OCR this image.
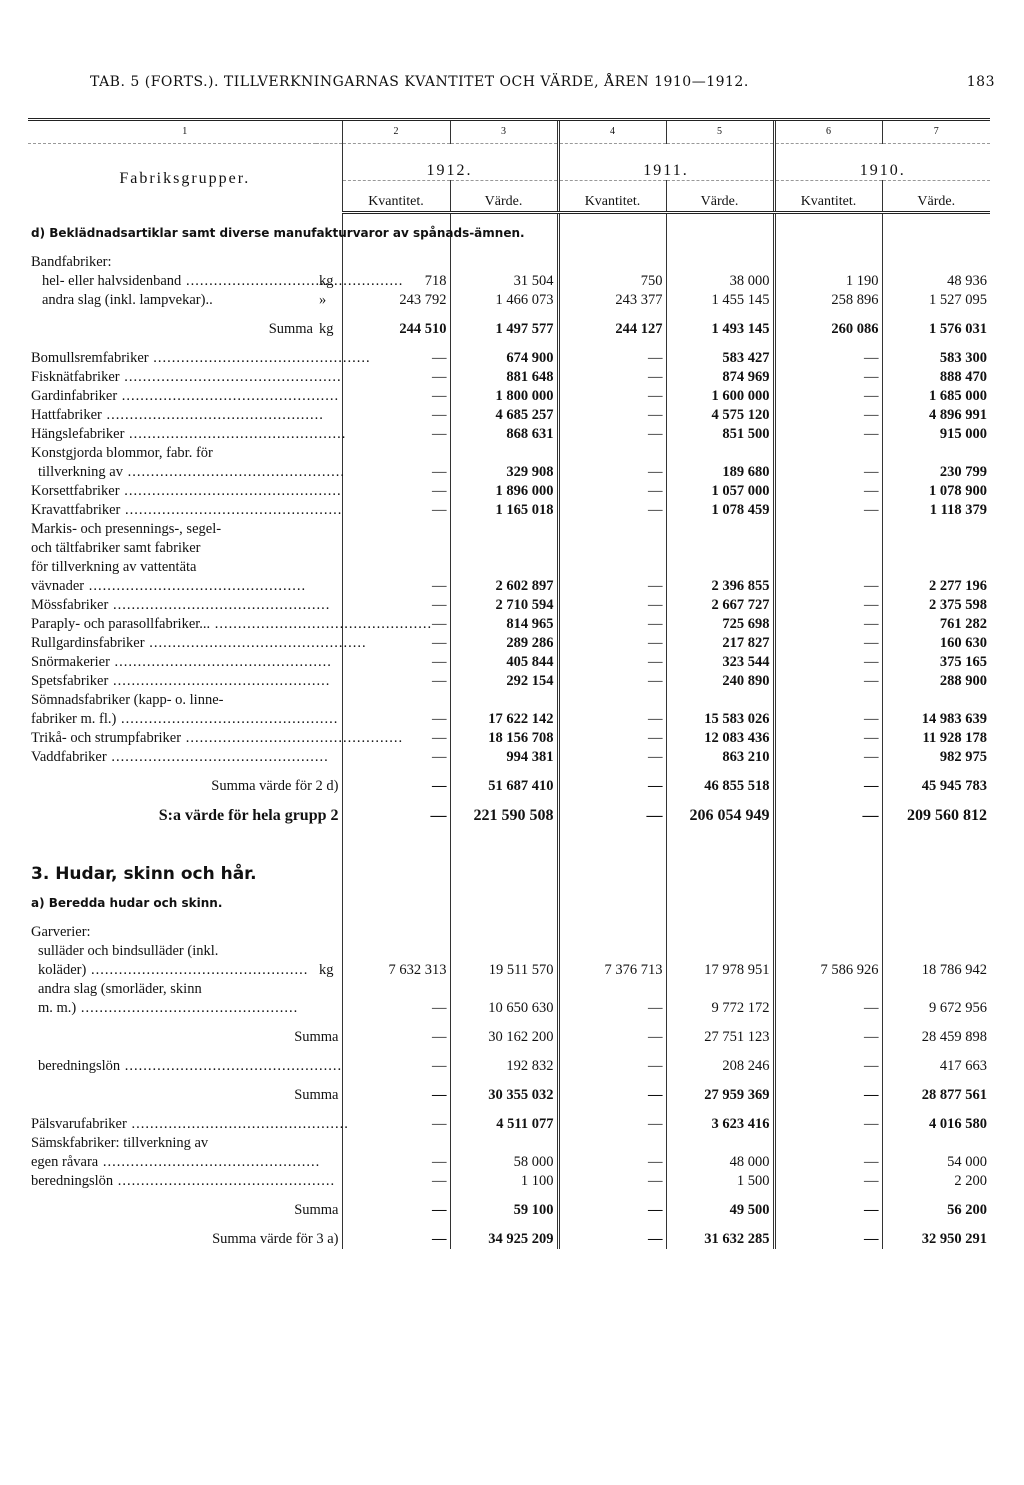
TAB. 5 (FORTS.). TILLVERKNINGARNAS KVANTITET OCH VÄRDE, ÅREN 1910—1912.	183
1		2	3	4	5	6	7
Fabriksgrupper.		1912.		1911.		1910.	
		Kvantitet.	Värde.	Kvantitet.	Värde.	Kvantitet.	Värde.

d) Beklädnadsartiklar samt diverse manufakturvaror av spånads-ämnen.							

Bandfabriker:							
hel- eller halvsidenband .....	kg	718	31 504	750	38 000	1 190	48 936
andra slag (inkl. lampvekar)..	»	243 792	1 466 073	243 377	1 455 145	258 896	1 527 095

Summa	kg	244 510	1 497 577	244 127	1 493 145	260 086	1 576 031

Bomullsremfabriker .....	—		674 900	—	583 427	—	583 300
Fisknätfabriker .....	—		881 648	—	874 969	—	888 470
Gardinfabriker .....	—		1 800 000	—	1 600 000	—	1 685 000
Hattfabriker .....	—		4 685 257	—	4 575 120	—	4 896 991
Hängslefabriker .....	—		868 631	—	851 500	—	915 000
Konstgjorda blommor, fabr. för							
tillverkning av .....	—		329 908	—	189 680	—	230 799
Korsettfabriker .....	—		1 896 000	—	1 057 000	—	1 078 900
Kravattfabriker .....	—		1 165 018	—	1 078 459	—	1 118 379
Markis- och presennings-, segel-							
och tältfabriker samt fabriker							
för tillverkning av vattentäta							
vävnader .....	—		2 602 897	—	2 396 855	—	2 277 196
Mössfabriker .....	—		2 710 594	—	2 667 727	—	2 375 598
Paraply- och parasollfabriker... .....	—		814 965	—	725 698	—	761 282
Rullgardinsfabriker .....	—		289 286	—	217 827	—	160 630
Snörmakerier .....	—		405 844	—	323 544	—	375 165
Spetsfabriker .....	—		292 154	—	240 890	—	288 900
Sömnadsfabriker (kapp- o. linne-							
fabriker m. fl.) .....	—		17 622 142	—	15 583 026	—	14 983 639
Trikå- och strumpfabriker .....	—		18 156 708	—	12 083 436	—	11 928 178
Vaddfabriker .....	—		994 381	—	863 210	—	982 975

Summa värde för 2 d)	—		51 687 410	—	46 855 518	—	45 945 783

S:a värde för hela grupp 2	—		221 590 508	—	206 054 949	—	209 560 812

3. Hudar, skinn och hår.							

a) Beredda hudar och skinn.							

Garverier:							
sulläder och bindsulläder (inkl.							
koläder) .....	kg	7 632 313	19 511 570	7 376 713	17 978 951	7 586 926	18 786 942
andra slag (smorläder, skinn							
m. m.) .....	—		10 650 630	—	9 772 172	—	9 672 956

Summa	—		30 162 200	—	27 751 123	—	28 459 898

beredningslön .....	—		192 832	—	208 246	—	417 663

Summa	—		30 355 032	—	27 959 369	—	28 877 561

Pälsvarufabriker .....	—		4 511 077	—	3 623 416	—	4 016 580
Sämskfabriker: tillverkning av							
egen råvara .....	—		58 000	—	48 000	—	54 000
beredningslön .....	—		1 100	—	1 500	—	2 200

Summa	—		59 100	—	49 500	—	56 200

Summa värde för 3 a)	—		34 925 209	—	31 632 285	—	32 950 291
